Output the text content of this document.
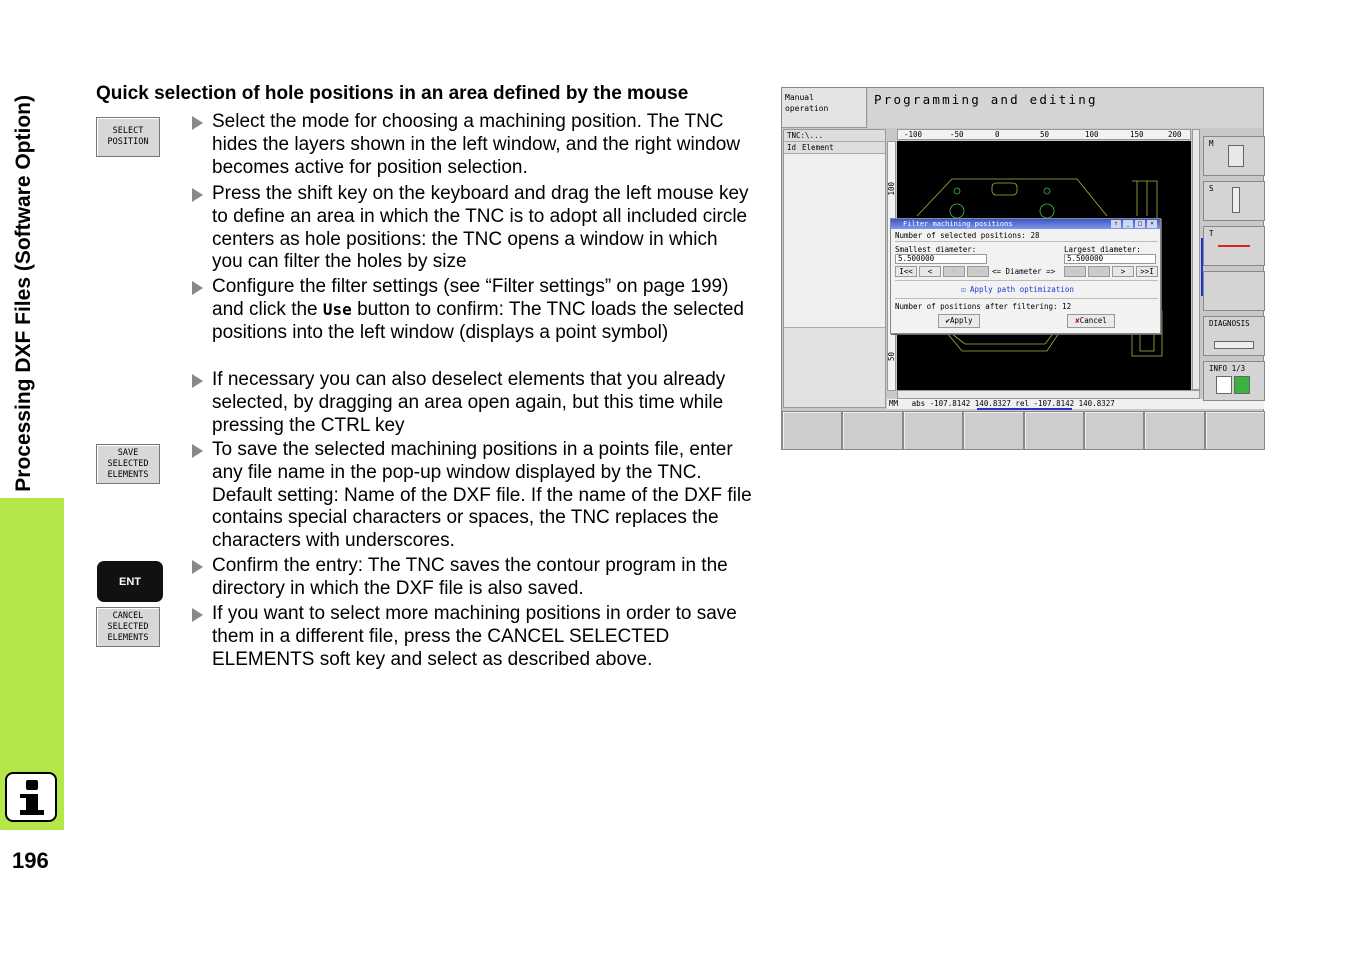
Processing DXF Files (Software Option)
196
Quick selection of hole positions in an area defined by the mouse
SELECT
POSITION
SAVE
SELECTED
ELEMENTS
ENT
CANCEL
SELECTED
ELEMENTS
Select the mode for choosing a machining position. The TNC hides the layers shown in the left window, and the right window becomes active for position selection.
Press the shift key on the keyboard and drag the left mouse key to define an area in which the TNC is to adopt all included circle centers as hole positions: the TNC opens a window in which you can filter the holes by size
Configure the filter settings (see “Filter settings” on page 199) and click the Use button to confirm: The TNC loads the selected positions into the left window (displays a point symbol)
If necessary you can also deselect elements that you already selected, by dragging an area open again, but this time while pressing the CTRL key
To save the selected machining positions in a points file, enter any file name in the pop-up window displayed by the TNC. Default setting: Name of the DXF file. If the name of the DXF file contains special characters or spaces, the TNC replaces the characters with underscores.
Confirm the entry: The TNC saves the contour program in the directory in which the DXF file is also saved.
If you want to select more machining positions in order to save them in a different file, press the CANCEL SELECTED ELEMENTS soft key and select as described above.
Manual
operation
Programming and editing
TNC:\...
Id Element
-100	-50	0	50	100	150	200
100
50
MM   abs -107.8142 140.8327 rel -107.8142 140.8327
Filter machining positions	↑	_	□	×
Number of selected positions: 28
Smallest diameter:
5.500000
Largest diameter:
5.500000
I<<	<	<	>>	<= Diameter =>	<<	<	>	>>I
☑ Apply path optimization
Number of positions after filtering: 12
✔Apply	✘Cancel
M
S
T
DIAGNOSIS
INFO 1/3
